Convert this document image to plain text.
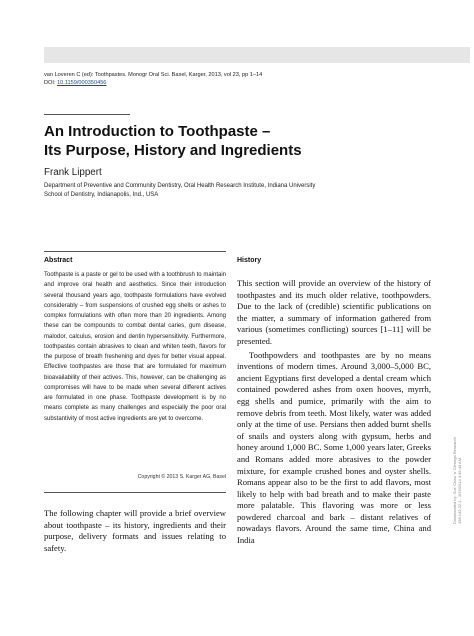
van Loveren C (ed): Toothpastes. Monogr Oral Sci. Basel, Karger, 2013, vol 23, pp 1–14
DOI: 10.1159/000350456
An Introduction to Toothpaste –
Its Purpose, History and Ingredients
Frank Lippert
Department of Preventive and Community Dentistry, Oral Health Research Institute, Indiana University
School of Dentistry, Indianapolis, Ind., USA
Abstract
Toothpaste is a paste or gel to be used with a toothbrush to maintain and improve oral health and aesthetics. Since their introduction several thousand years ago, toothpaste formulations have evolved considerably – from suspensions of crushed egg shells or ashes to complex formulations with often more than 20 ingredients. Among these can be compounds to combat dental caries, gum disease, malodor, calculus, erosion and dentin hypersensitivity. Furthermore, toothpastes contain abrasives to clean and whiten teeth, flavors for the purpose of breath freshening and dyes for better visual appeal. Effective toothpastes are those that are formulated for maximum bioavailability of their actives. This, however, can be challenging as compromises will have to be made when several different actives are formulated in one phase. Toothpaste development is by no means complete as many challenges and especially the poor oral substantivity of most active ingredients are yet to overcome.
Copyright © 2013 S. Karger AG, Basel
The following chapter will provide a brief overview about toothpaste – its history, ingredients and their purpose, delivery formats and issues relating to safety.
History

This section will provide an overview of the history of toothpastes and its much older relative, toothpowders. Due to the lack of (credible) scientific publications on the matter, a summary of information gathered from various (sometimes conflicting) sources [1–11] will be presented.

Toothpowders and toothpastes are by no means inventions of modern times. Around 3,000–5,000 BC, ancient Egyptians first developed a dental cream which contained powdered ashes from oxen hooves, myrrh, egg shells and pumice, primarily with the aim to remove debris from teeth. Most likely, water was added only at the time of use. Persians then added burnt shells of snails and oysters along with gypsum, herbs and honey around 1,000 BC. Some 1,000 years later, Greeks and Romans added more abrasives to the powder mixture, for example crushed bones and oyster shells. Romans appear also to be the first to add flavors, most likely to help with bad breath and to make their paste more palatable. This flavoring was more or less powdered charcoal and bark – distant relatives of nowadays flavors. Around the same time, China and India

Downloaded by: Sur: Chau 'a' Ciénega Research 198.143.32.1 - 3/25/2014 4:45:44 AM
